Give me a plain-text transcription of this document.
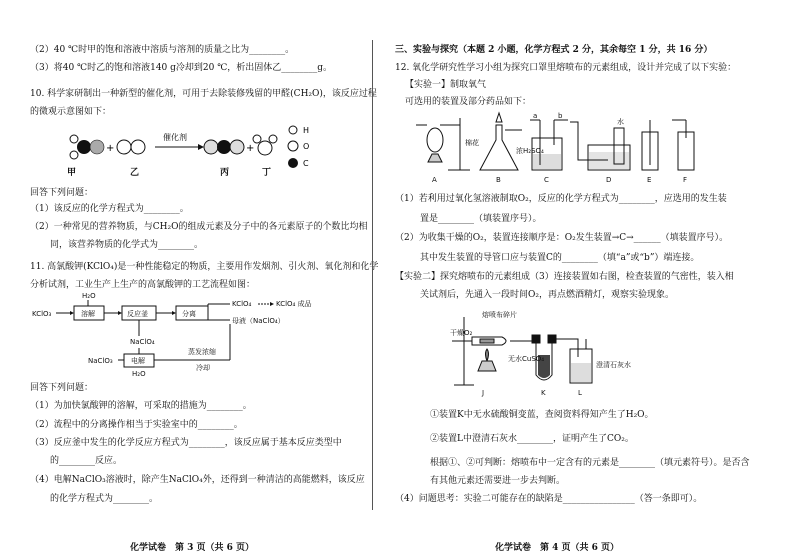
（2）40 ℃时甲的饱和溶液中溶质与溶剂的质量之比为________。
（3）将40 ℃时乙的饱和溶液140 g冷却到20 ℃，析出固体乙________g。
10. 科学家研制出一种新型的催化剂，可用于去除装修残留的甲醛(CH₂O)，该反应过程
的微观示意图如下：
+
催化剂
+
H
O
C
甲	乙	丙	丁
回答下列问题：
（1）该反应的化学方程式为________。
（2）一种常见的营养物质，与CH₂O的组成元素及分子中的各元素原子的个数比均相
同，该营养物质的化学式为________。
11. 高氯酸钾(KClO₄)是一种性能稳定的物质，主要用作发烟剂、引火剂、氧化剂和化学
分析试剂，工业生产上生产的高氯酸钾的工艺流程如图：
KClO₃
H₂O
溶解	反应釜	分离
KClO₄	KClO₄ 成品
母液（NaClO₄）
NaClO₄
NaClO₃	电解
H₂O
蒸发浓缩
冷却
回答下列问题：
（1）为加快氯酸钾的溶解，可采取的措施为________。
（2）流程中的分离操作相当于实验室中的________。
（3）反应釜中发生的化学反应方程式为________，该反应属于基本反应类型中
的________反应。
（4）电解NaClO₃溶液时，除产生NaClO₄外，还得到一种清洁的高能燃料，该反应
的化学方程式为________。
化学试卷　第 3 页（共 6 页）
三、实验与探究（本题 2 小题，化学方程式 2 分，其余每空 1 分，共 16 分）
12. 氧化学研究性学习小组为探究口罩里熔喷布的元素组成，设计并完成了以下实验：
【实验一】制取氧气
可选用的装置及部分药品如下：
棉花
浓H₂SO₄
水
a	b
A	B	C	D	E	F
（1）若利用过氧化氢溶液制取O₂，反应的化学方程式为________，应选用的发生装
置是________（填装置序号）。
（2）为收集干燥的O₂，装置连接顺序是：O₂发生装置→C→______（填装置序号）。
其中发生装置的导管口应与装置C的________（填“a”或“b”）端连接。
【实验二】探究熔喷布的元素组成（3）连接装置如右图，检查装置的气密性，装入相
关试剂后，先通入一段时间O₂，再点燃酒精灯，观察实验现象。
干燥O₂
熔喷布碎片
无水CuSO₄
澄清石灰水
J	K	L
①装置K中无水硫酸铜变蓝，查阅资料得知产生了H₂O。
②装置L中澄清石灰水________，证明产生了CO₂。
根据①、②可判断：熔喷布中一定含有的元素是________（填元素符号）。是否含
有其他元素还需要进一步去判断。
（4）问题思考：实验二可能存在的缺陷是________________（答一条即可）。
化学试卷　第 4 页（共 6 页）
